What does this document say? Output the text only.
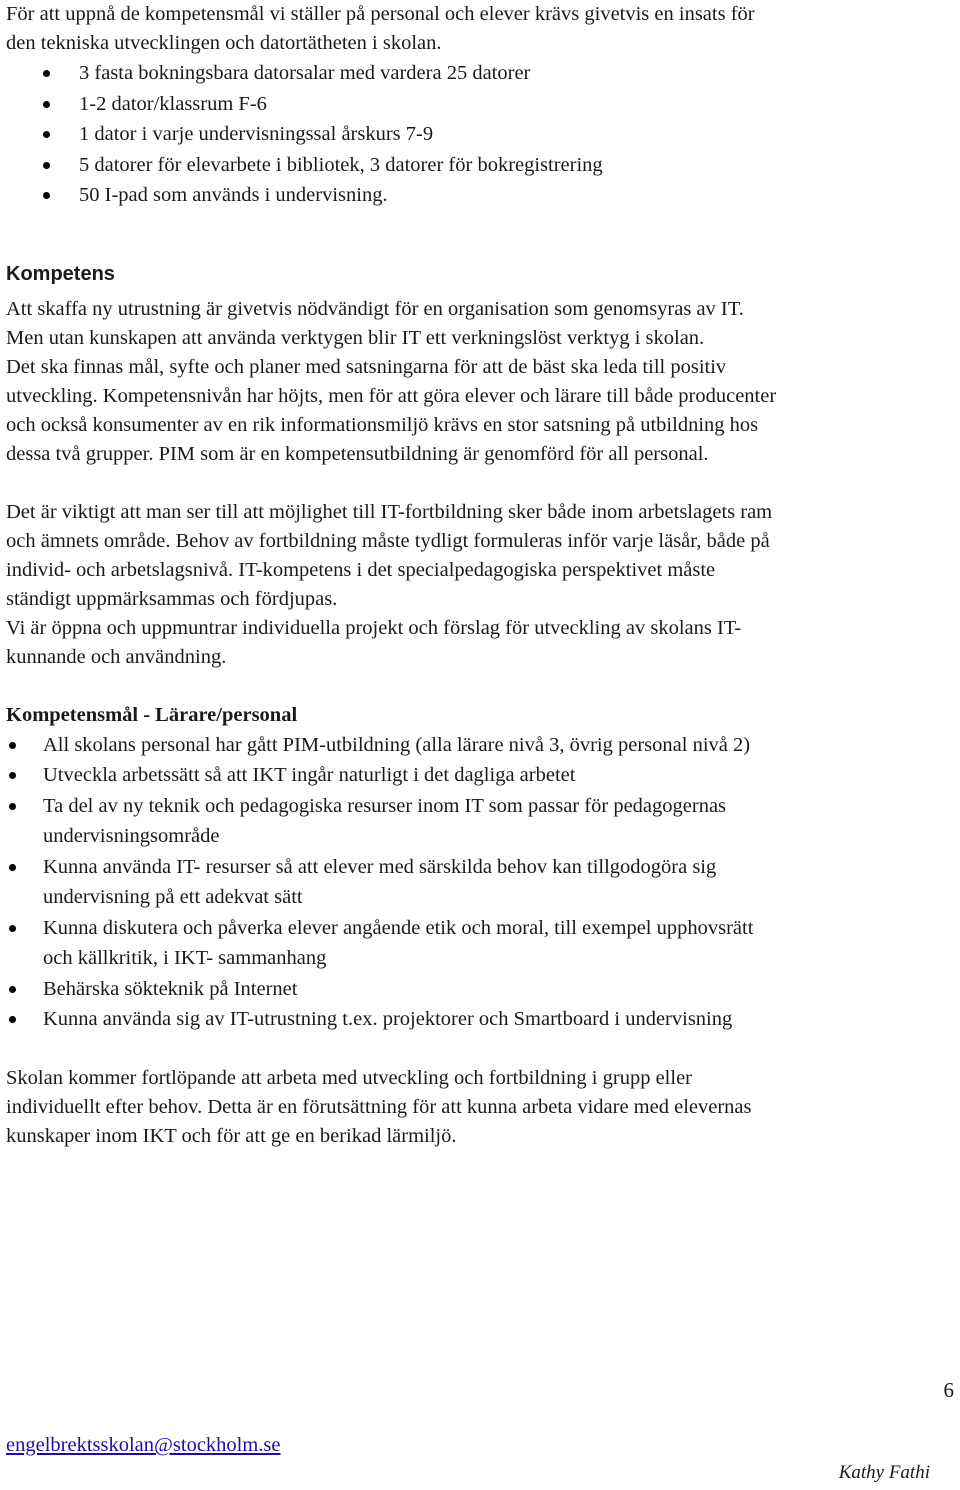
För att uppnå de kompetensmål vi ställer på personal och elever krävs givetvis en insats för
den tekniska utvecklingen och datortätheten i skolan.

3 fasta bokningsbara datorsalar med vardera 25 datorer
1-2 dator/klassrum F-6
1 dator i varje undervisningssal årskurs 7-9
5 datorer för elevarbete i bibliotek, 3 datorer för bokregistrering
50 I-pad som används i undervisning.
Kompetens

Att skaffa ny utrustning är givetvis nödvändigt för en organisation som genomsyras av IT.
Men utan kunskapen att använda verktygen blir IT ett verkningslöst verktyg i skolan.
Det ska finnas mål, syfte och planer med satsningarna för att de bäst ska leda till positiv
utveckling. Kompetensnivån har höjts, men för att göra elever och lärare till både producenter
och också konsumenter av en rik informationsmiljö krävs en stor satsning på utbildning hos
dessa två grupper. PIM som är en kompetensutbildning är genomförd för all personal.

Det är viktigt att man ser till att möjlighet till IT-fortbildning sker både inom arbetslagets ram
och ämnets område. Behov av fortbildning måste tydligt formuleras inför varje läsår, både på
individ- och arbetslagsnivå. IT-kompetens i det specialpedagogiska perspektivet måste
ständigt uppmärksammas och fördjupas.
Vi är öppna och uppmuntrar individuella projekt och förslag för utveckling av skolans IT-
kunnande och användning.

Kompetensmål - Lärare/personal
All skolans personal har gått PIM-utbildning (alla lärare nivå 3, övrig personal nivå 2)
Utveckla arbetssätt så att IKT ingår naturligt i det dagliga arbetet
Ta del av ny teknik och pedagogiska resurser inom IT som passar för pedagogernas
undervisningsområde
Kunna använda IT- resurser så att elever med särskilda behov kan tillgodogöra sig
undervisning på ett adekvat sätt
Kunna diskutera och påverka elever angående etik och moral, till exempel upphovsrätt
och källkritik, i IKT- sammanhang
Behärska sökteknik på Internet
Kunna använda sig av IT-utrustning t.ex. projektorer och Smartboard i undervisning

Skolan kommer fortlöpande att arbeta med utveckling och fortbildning i grupp eller
individuellt efter behov. Detta är en förutsättning för att kunna arbeta vidare med elevernas
kunskaper inom IKT och för att ge en berikad lärmiljö.

6
engelbrektsskolan@stockholm.se
Kathy Fathi
